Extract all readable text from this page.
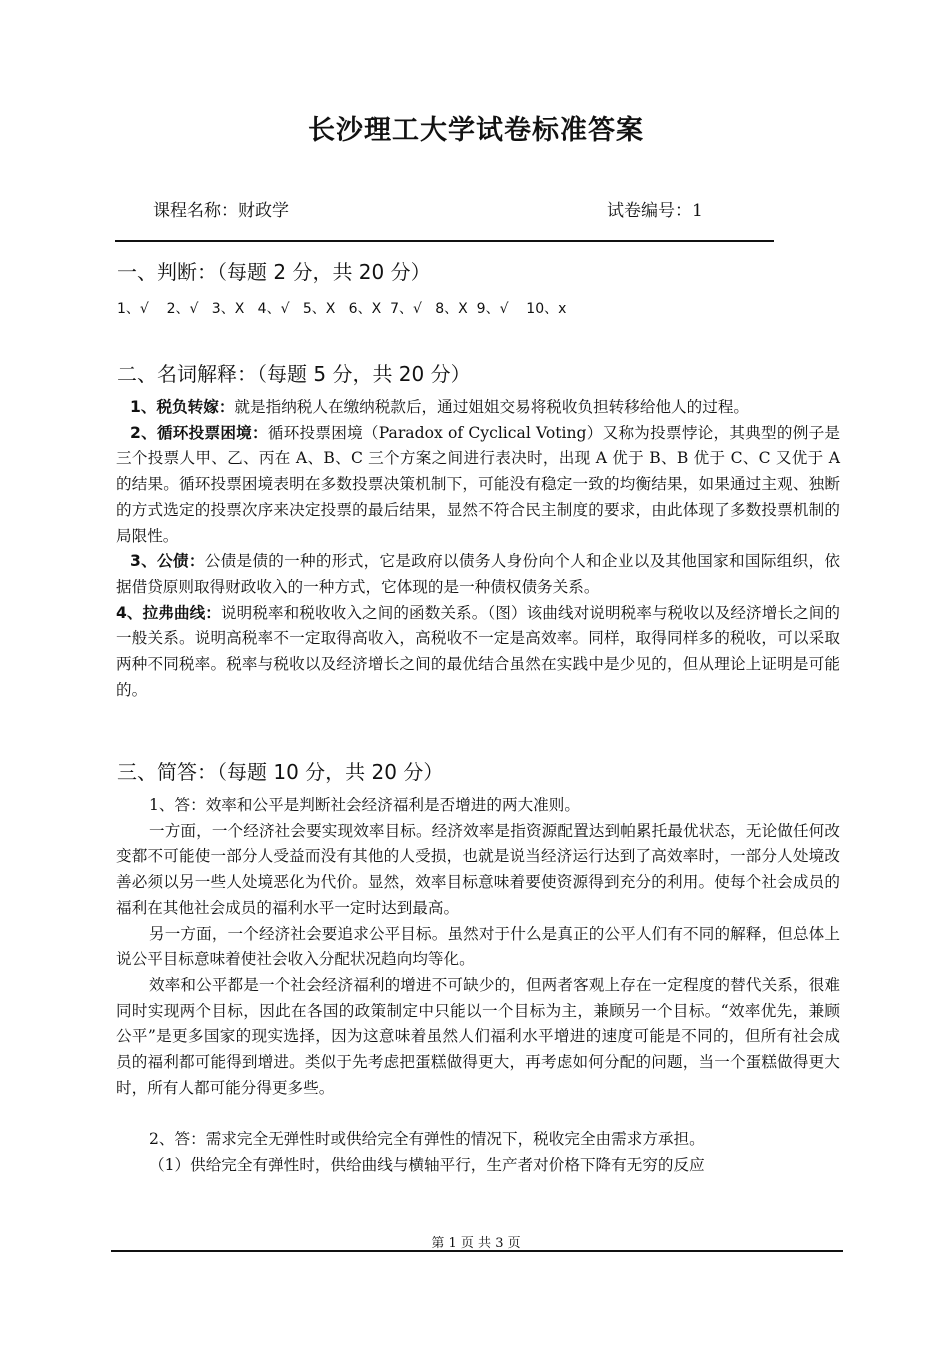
长沙理工大学试卷标准答案
课程名称：财政学	试卷编号：1
一、判断：（每题 2 分，共 20 分）
1、√    2、√   3、X   4、√   5、X   6、X  7、√   8、X  9、√    10、x
二、名词解释：（每题 5 分，共 20 分）

1、税负转嫁：就是指纳税人在缴纳税款后，通过姐姐交易将税收负担转移给他人的过程。

2、循环投票困境：循环投票困境（Paradox of Cyclical Voting）又称为投票悖论，其典型的例子是三个投票人甲、乙、丙在 A、B、C 三个方案之间进行表决时，出现 A 优于 B、B 优于 C、C 又优于 A 的结果。循环投票困境表明在多数投票决策机制下，可能没有稳定一致的均衡结果，如果通过主观、独断的方式选定的投票次序来决定投票的最后结果，显然不符合民主制度的要求，由此体现了多数投票机制的局限性。

3、公债：公债是债的一种的形式，它是政府以债务人身份向个人和企业以及其他国家和国际组织，依据借贷原则取得财政收入的一种方式，它体现的是一种债权债务关系。

4、拉弗曲线：说明税率和税收收入之间的函数关系。（图）该曲线对说明税率与税收以及经济增长之间的一般关系。说明高税率不一定取得高收入，高税收不一定是高效率。同样，取得同样多的税收，可以采取两种不同税率。税率与税收以及经济增长之间的最优结合虽然在实践中是少见的，但从理论上证明是可能的。

三、简答：（每题 10 分，共 20 分）

1、答：效率和公平是判断社会经济福利是否增进的两大准则。

一方面，一个经济社会要实现效率目标。经济效率是指资源配置达到帕累托最优状态，无论做任何改变都不可能使一部分人受益而没有其他的人受损，也就是说当经济运行达到了高效率时，一部分人处境改善必须以另一些人处境恶化为代价。显然，效率目标意味着要使资源得到充分的利用。使每个社会成员的福利在其他社会成员的福利水平一定时达到最高。

另一方面，一个经济社会要追求公平目标。虽然对于什么是真正的公平人们有不同的解释，但总体上说公平目标意味着使社会收入分配状况趋向均等化。

效率和公平都是一个社会经济福利的增进不可缺少的，但两者客观上存在一定程度的替代关系，很难同时实现两个目标，因此在各国的政策制定中只能以一个目标为主，兼顾另一个目标。“效率优先，兼顾公平”是更多国家的现实选择，因为这意味着虽然人们福利水平增进的速度可能是不同的，但所有社会成员的福利都可能得到增进。类似于先考虑把蛋糕做得更大，再考虑如何分配的问题，当一个蛋糕做得更大时，所有人都可能分得更多些。

2、答：需求完全无弹性时或供给完全有弹性的情况下，税收完全由需求方承担。

（1）供给完全有弹性时，供给曲线与横轴平行，生产者对价格下降有无穷的反应

第 1 页 共 3 页
